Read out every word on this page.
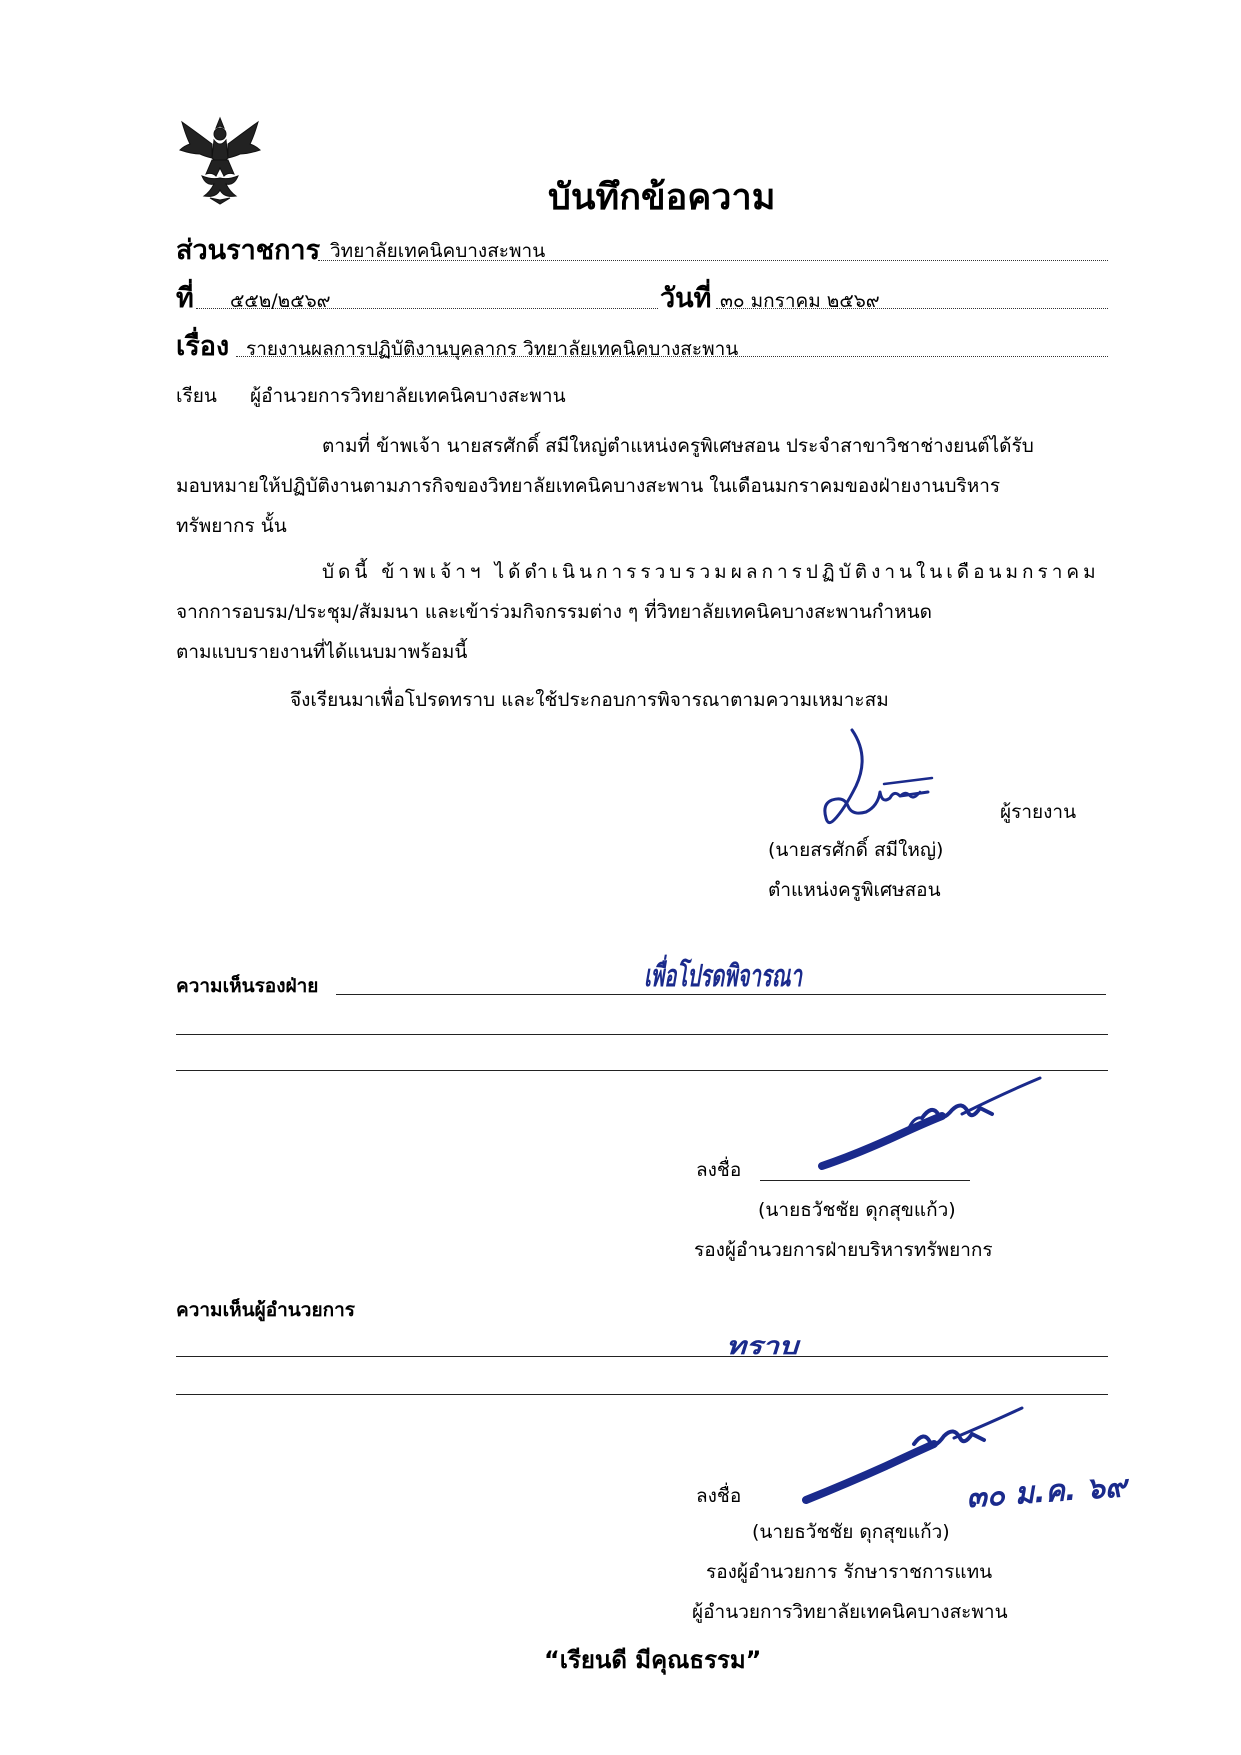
บันทึกข้อความ
ส่วนราชการ วิทยาลัยเทคนิคบางสะพาน
ที่ ๕๕๒/๒๕๖๙	วันที่ ๓๐ มกราคม ๒๕๖๙
เรื่อง รายงานผลการปฏิบัติงานบุคลากร วิทยาลัยเทคนิคบางสะพาน
เรียน ผู้อำนวยการวิทยาลัยเทคนิคบางสะพาน
ตามที่ ข้าพเจ้า นายสรศักดิ์ สมีใหญ่ตำแหน่งครูพิเศษสอน ประจำสาขาวิชาช่างยนต์ได้รับ
มอบหมายให้ปฏิบัติงานตามภารกิจของวิทยาลัยเทคนิคบางสะพาน ในเดือนมกราคมของฝ่ายงานบริหาร
ทรัพยากร นั้น
บัดนี้ ข้าพเจ้าฯ ได้ดำเนินการรวบรวมผลการปฏิบัติงานในเดือนมกราคม
จากการอบรม/ประชุม/สัมมนา และเข้าร่วมกิจกรรมต่าง ๆ ที่วิทยาลัยเทคนิคบางสะพานกำหนด
ตามแบบรายงานที่ได้แนบมาพร้อมนี้
จึงเรียนมาเพื่อโปรดทราบ และใช้ประกอบการพิจารณาตามความเหมาะสม
ผู้รายงาน
(นายสรศักดิ์ สมีใหญ่)
ตำแหน่งครูพิเศษสอน
ความเห็นรองฝ่าย	เพื่อโปรดพิจารณา
ลงชื่อ
(นายธวัชชัย ดุกสุขแก้ว)
รองผู้อำนวยการฝ่ายบริหารทรัพยากร
ความเห็นผู้อำนวยการ
ทราบ
ลงชื่อ	๓๐ ม.ค. ๖๙
(นายธวัชชัย ดุกสุขแก้ว)
รองผู้อำนวยการ รักษาราชการแทน
ผู้อำนวยการวิทยาลัยเทคนิคบางสะพาน
“เรียนดี มีคุณธรรม”
